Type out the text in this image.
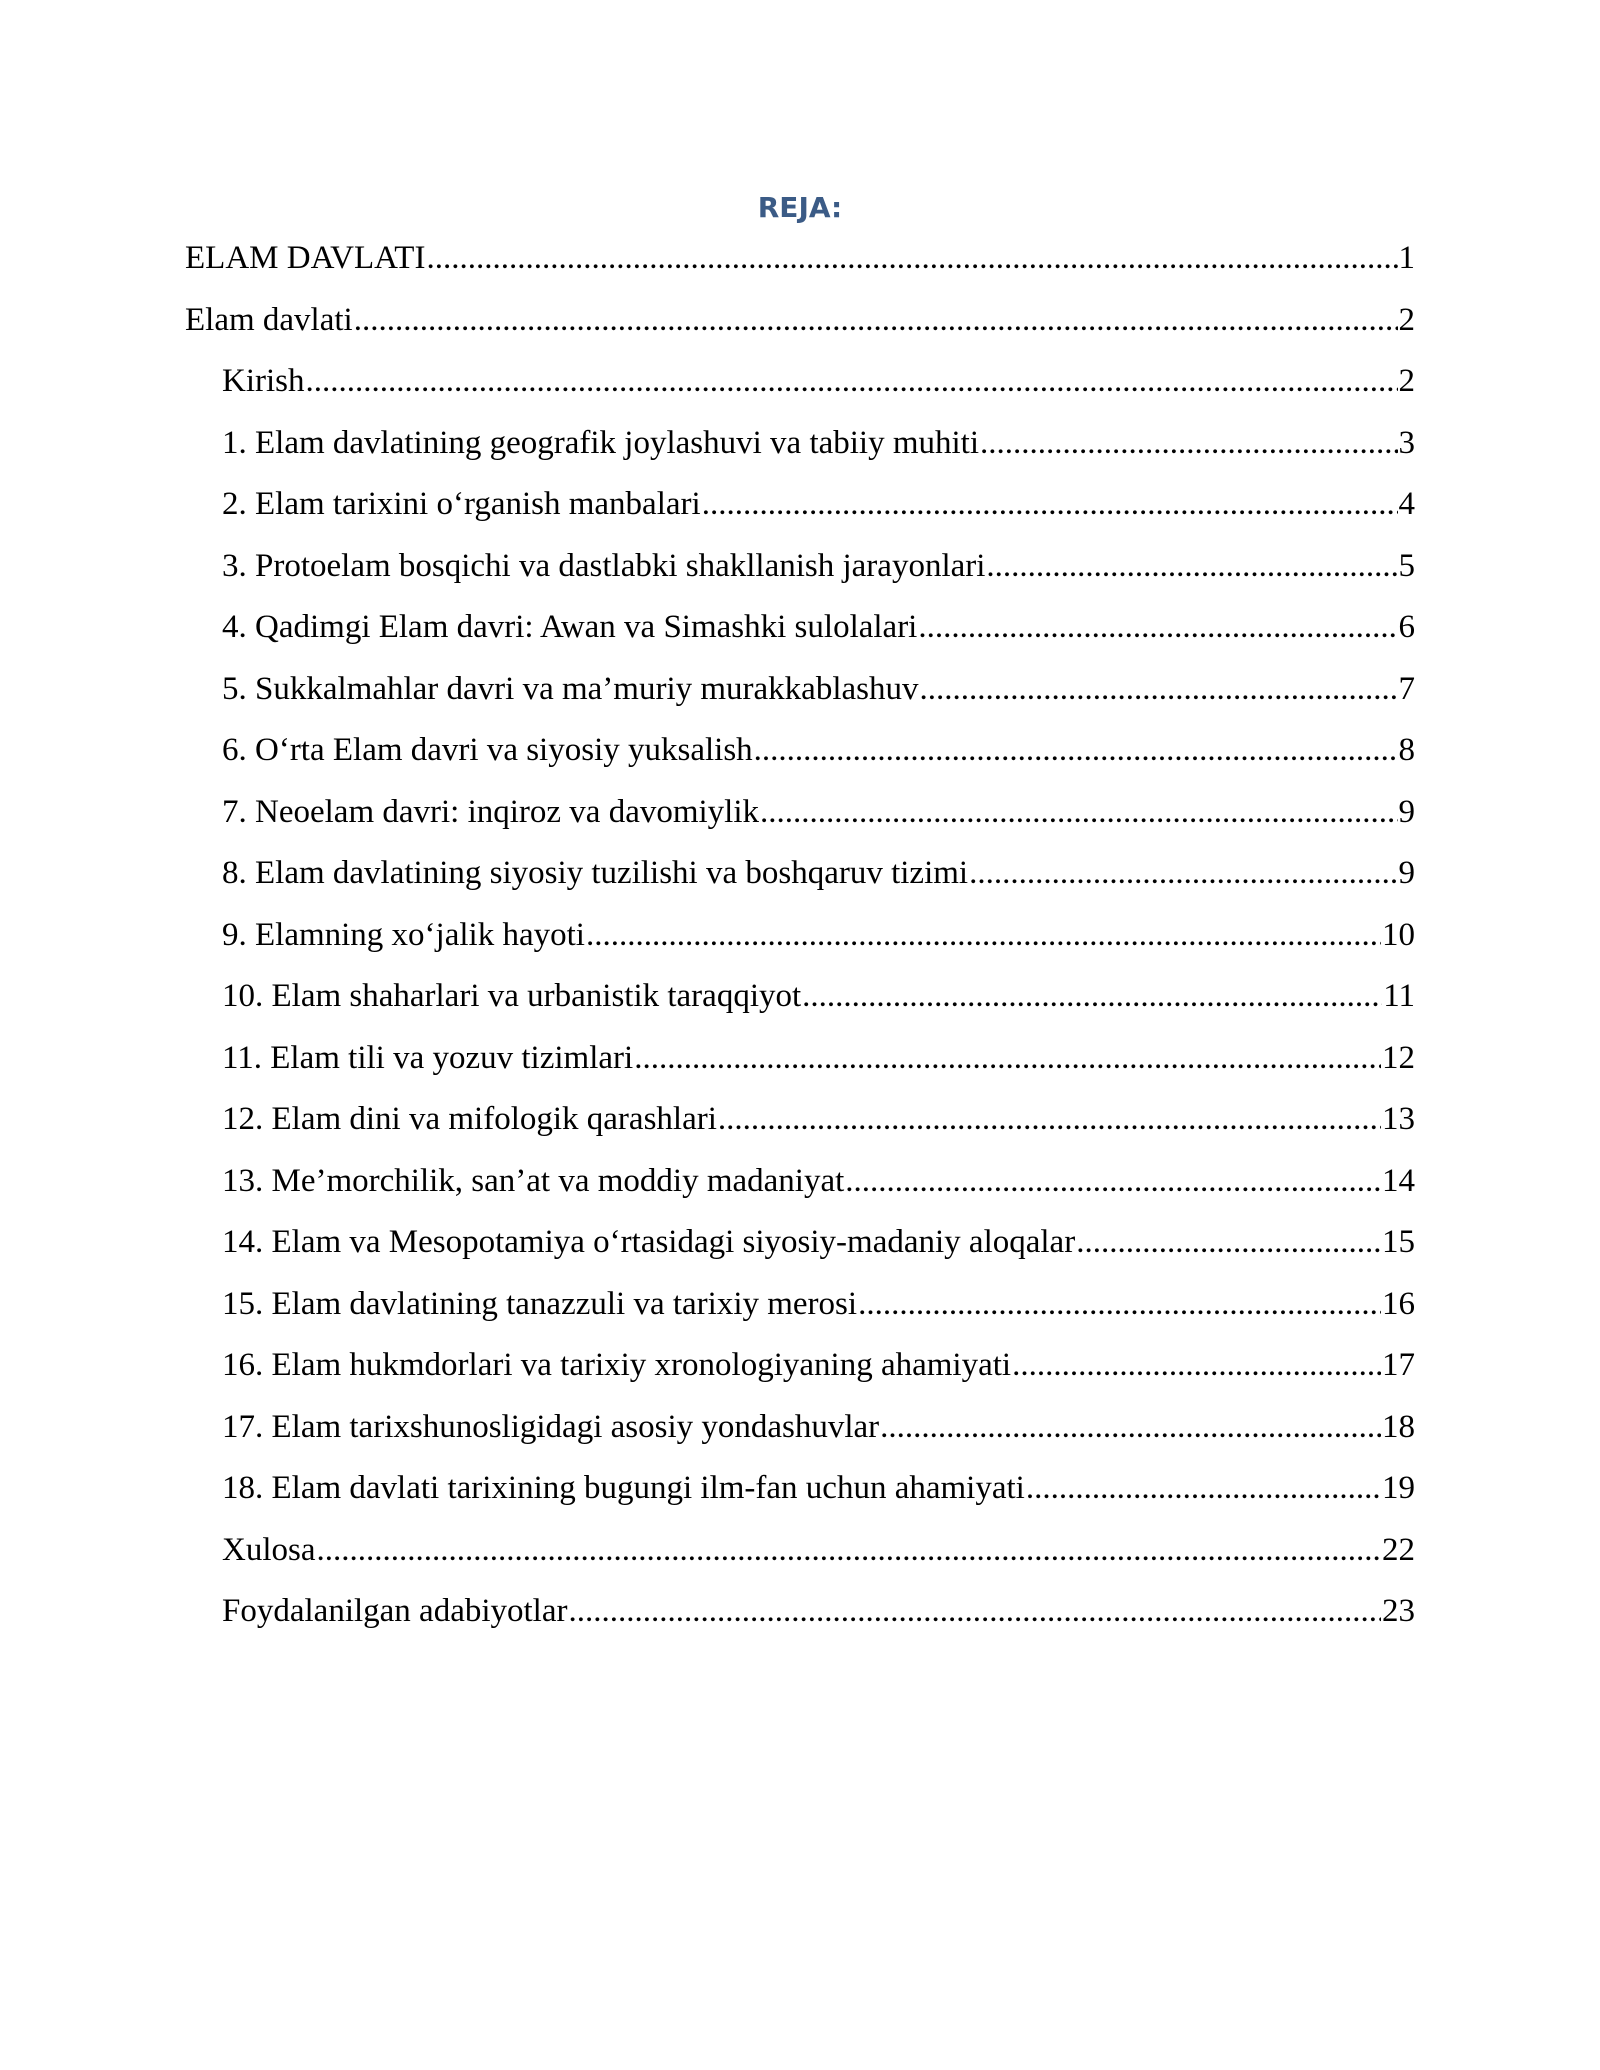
REJA:
ELAM DAVLATI .....	1
Elam davlati .....	2
Kirish .....	2
1. Elam davlatining geografik joylashuvi va tabiiy muhiti .....	3
2. Elam tarixini o‘rganish manbalari .....	4
3. Protoelam bosqichi va dastlabki shakllanish jarayonlari .....	5
4. Qadimgi Elam davri: Awan va Simashki sulolalari .....	6
5. Sukkalmahlar davri va ma’muriy murakkablashuv .....	7
6. O‘rta Elam davri va siyosiy yuksalish .....	8
7. Neoelam davri: inqiroz va davomiylik .....	9
8. Elam davlatining siyosiy tuzilishi va boshqaruv tizimi .....	9
9. Elamning xo‘jalik hayoti .....	10
10. Elam shaharlari va urbanistik taraqqiyot .....	11
11. Elam tili va yozuv tizimlari .....	12
12. Elam dini va mifologik qarashlari .....	13
13. Me’morchilik, san’at va moddiy madaniyat .....	14
14. Elam va Mesopotamiya o‘rtasidagi siyosiy-madaniy aloqalar .....	15
15. Elam davlatining tanazzuli va tarixiy merosi .....	16
16. Elam hukmdorlari va tarixiy xronologiyaning ahamiyati .....	17
17. Elam tarixshunosligidagi asosiy yondashuvlar .....	18
18. Elam davlati tarixining bugungi ilm-fan uchun ahamiyati .....	19
Xulosa .....	22
Foydalanilgan adabiyotlar .....	23
